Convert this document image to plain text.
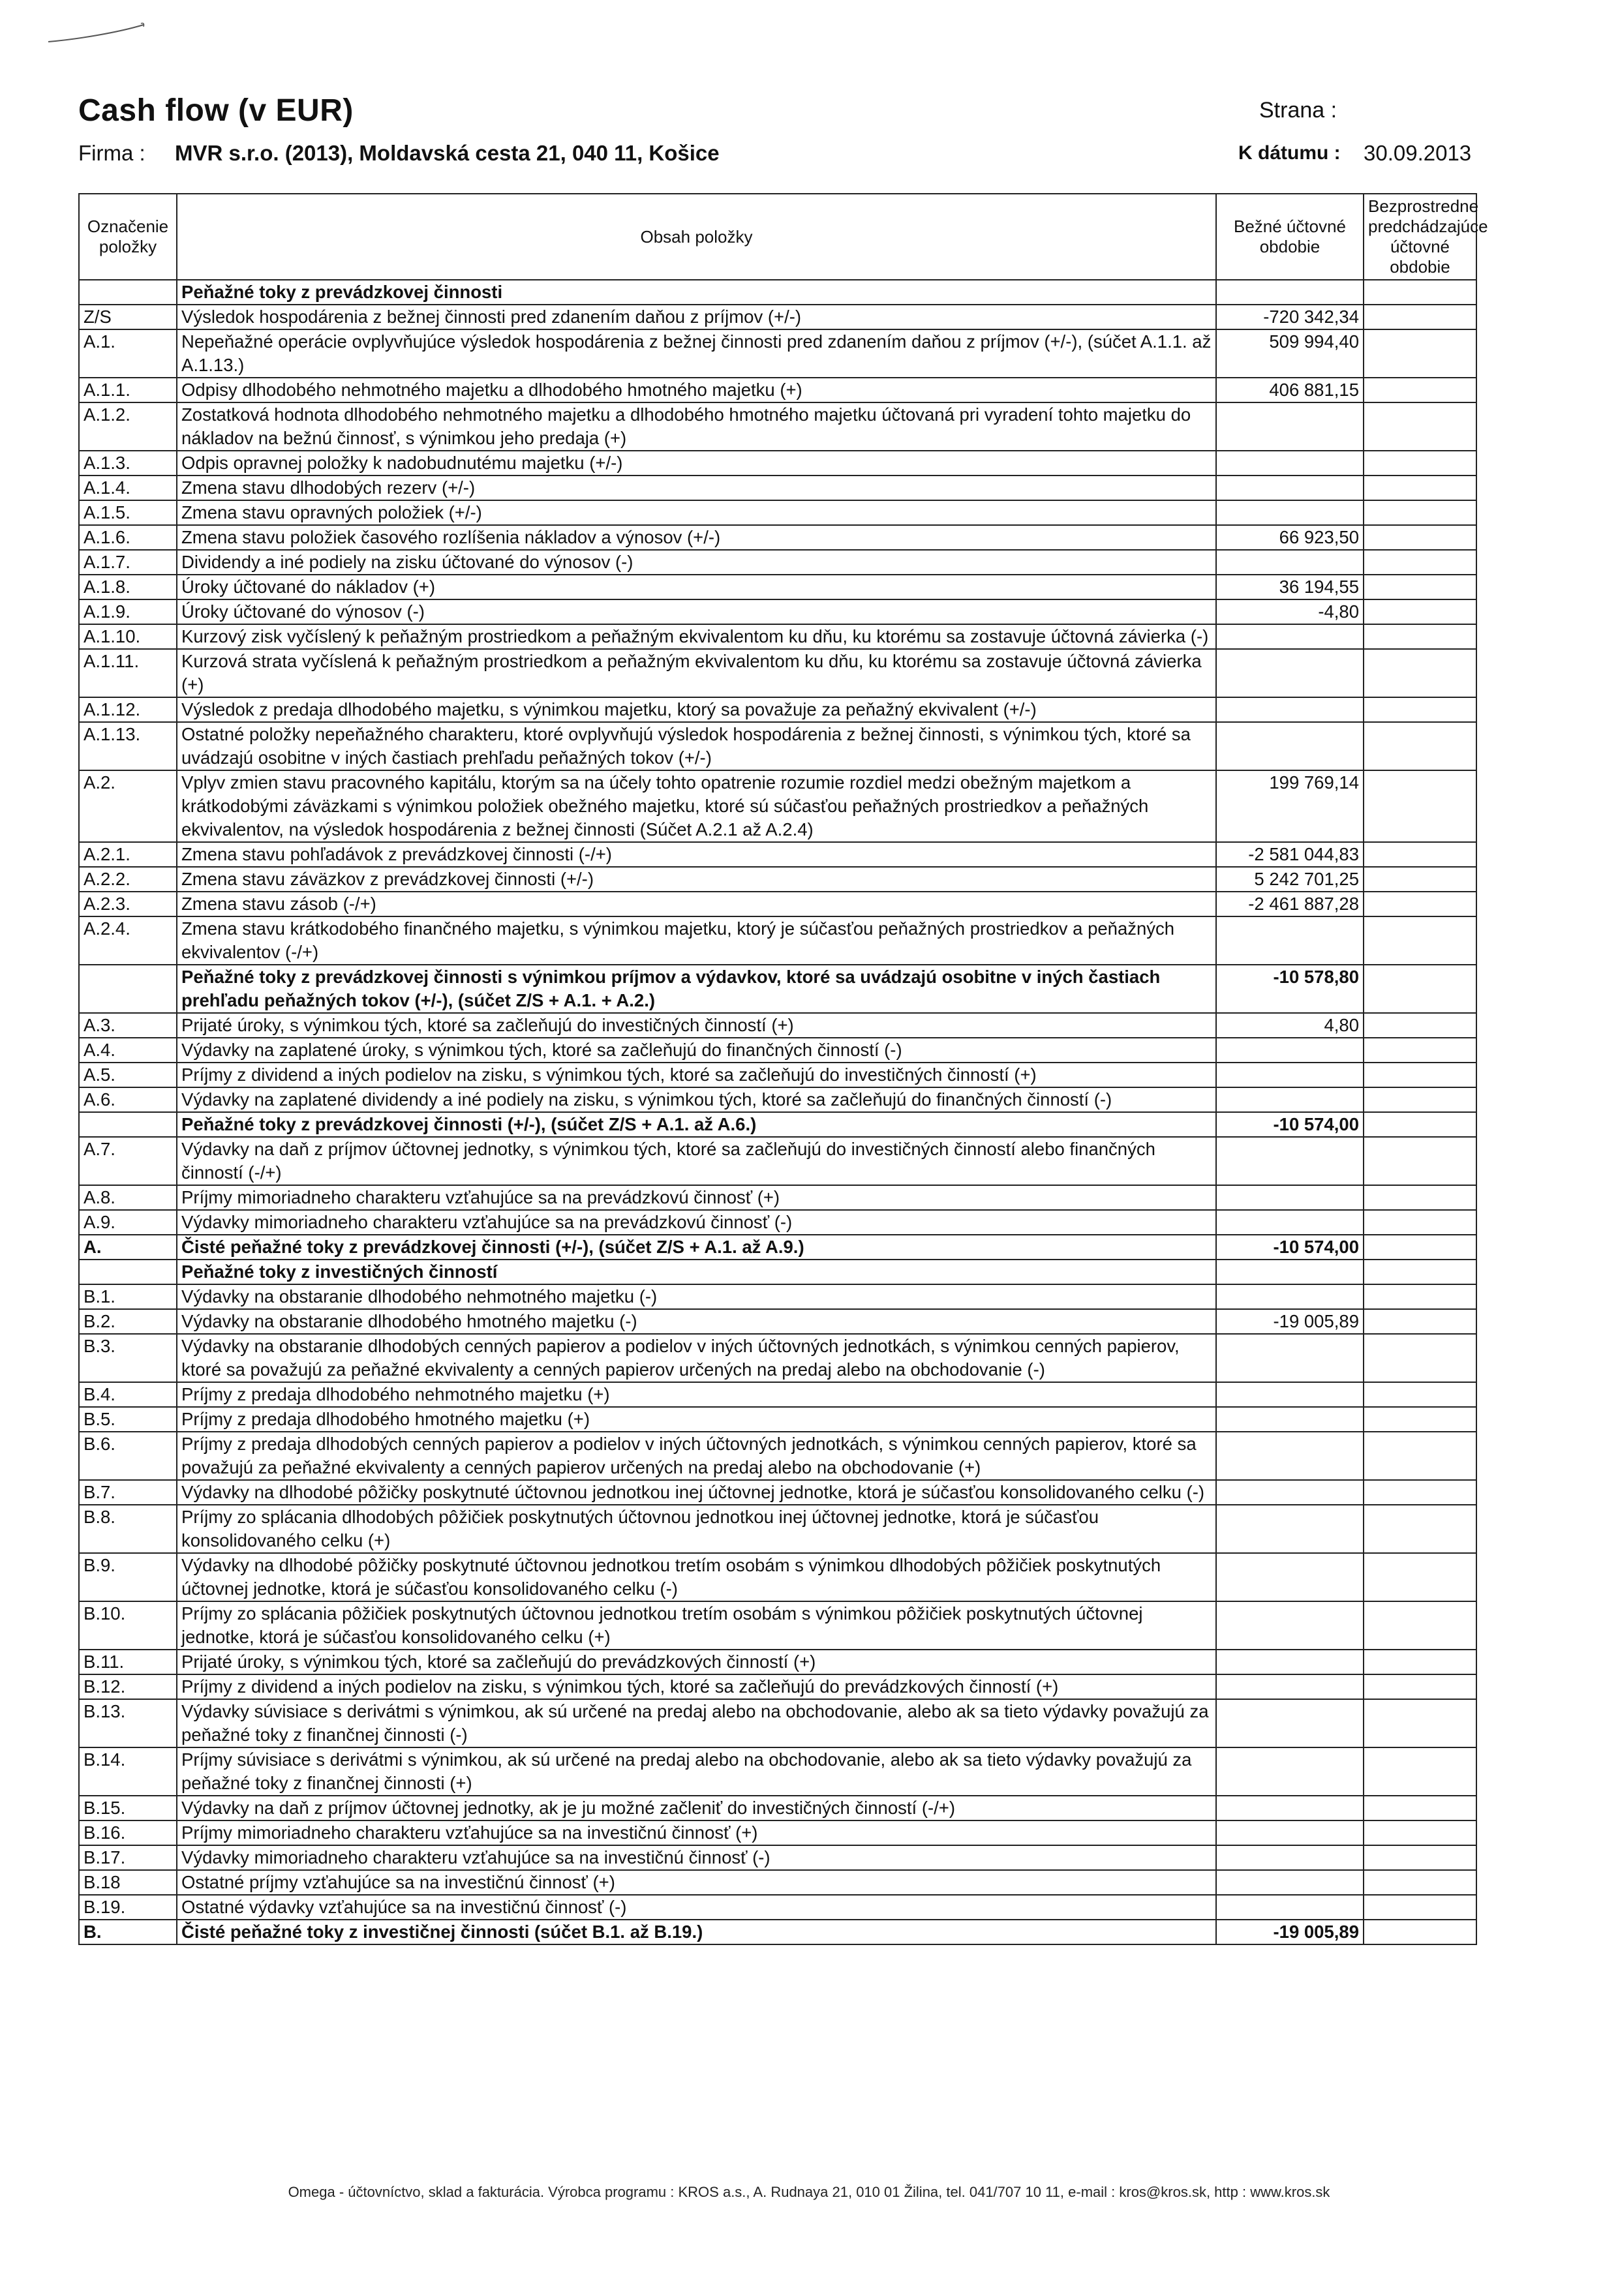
Cash flow (v EUR)	Strana :
Firma : MVR s.r.o. (2013), Moldavská cesta 21, 040 11, Košice	K dátumu : 30.09.2013
Označenie položky	Obsah položky	Bežné účtovné obdobie	Bezprostredne predchádzajúce účtovné obdobie
	Peňažné toky z prevádzkovej činnosti		
Z/S	Výsledok hospodárenia z bežnej činnosti pred zdanením daňou z príjmov (+/-)	-720 342,34	
A.1.	Nepeňažné operácie ovplyvňujúce výsledok hospodárenia z bežnej činnosti pred zdanením daňou z príjmov (+/-), (súčet A.1.1. až A.1.13.)	509 994,40	
A.1.1.	Odpisy dlhodobého nehmotného majetku a dlhodobého hmotného majetku (+)	406 881,15	
A.1.2.	Zostatková hodnota dlhodobého nehmotného majetku a dlhodobého hmotného majetku účtovaná pri vyradení tohto majetku do nákladov na bežnú činnosť, s výnimkou jeho predaja (+)		
A.1.3.	Odpis opravnej položky k nadobudnutému majetku (+/-)		
A.1.4.	Zmena stavu dlhodobých rezerv (+/-)		
A.1.5.	Zmena stavu opravných položiek (+/-)		
A.1.6.	Zmena stavu položiek časového rozlíšenia nákladov a výnosov (+/-)	66 923,50	
A.1.7.	Dividendy a iné podiely na zisku účtované do výnosov (-)		
A.1.8.	Úroky účtované do nákladov (+)	36 194,55	
A.1.9.	Úroky účtované do výnosov (-)	-4,80	
A.1.10.	Kurzový zisk vyčíslený k peňažným prostriedkom a peňažným ekvivalentom ku dňu, ku ktorému sa zostavuje účtovná závierka (-)		
A.1.11.	Kurzová strata vyčíslená k peňažným prostriedkom a peňažným ekvivalentom ku dňu, ku ktorému sa zostavuje účtovná závierka (+)		
A.1.12.	Výsledok z predaja dlhodobého majetku, s výnimkou majetku, ktorý sa považuje za peňažný ekvivalent (+/-)		
A.1.13.	Ostatné položky nepeňažného charakteru, ktoré ovplyvňujú výsledok hospodárenia z bežnej činnosti, s výnimkou tých, ktoré sa uvádzajú osobitne v iných častiach prehľadu peňažných tokov (+/-)		
A.2.	Vplyv zmien stavu pracovného kapitálu, ktorým sa na účely tohto opatrenie rozumie rozdiel medzi obežným majetkom a krátkodobými záväzkami s výnimkou položiek obežného majetku, ktoré sú súčasťou peňažných prostriedkov a peňažných ekvivalentov, na výsledok hospodárenia z bežnej činnosti (Súčet A.2.1 až A.2.4)	199 769,14	
A.2.1.	Zmena stavu pohľadávok z prevádzkovej činnosti (-/+)	-2 581 044,83	
A.2.2.	Zmena stavu záväzkov z prevádzkovej činnosti (+/-)	5 242 701,25	
A.2.3.	Zmena stavu zásob (-/+)	-2 461 887,28	
A.2.4.	Zmena stavu krátkodobého finančného majetku, s výnimkou majetku, ktorý je súčasťou peňažných prostriedkov a peňažných ekvivalentov (-/+)		
	Peňažné toky z prevádzkovej činnosti s výnimkou príjmov a výdavkov, ktoré sa uvádzajú osobitne v iných častiach prehľadu peňažných tokov (+/-), (súčet Z/S + A.1. + A.2.)	-10 578,80	
A.3.	Prijaté úroky, s výnimkou tých, ktoré sa začleňujú do investičných činností (+)	4,80	
A.4.	Výdavky na zaplatené úroky, s výnimkou tých, ktoré sa začleňujú do finančných činností (-)		
A.5.	Príjmy z dividend a iných podielov na zisku, s výnimkou tých, ktoré sa začleňujú do investičných činností (+)		
A.6.	Výdavky na zaplatené dividendy a iné podiely na zisku, s výnimkou tých, ktoré sa začleňujú do finančných činností (-)		
	Peňažné toky z prevádzkovej činnosti (+/-), (súčet Z/S + A.1. až A.6.)	-10 574,00	
A.7.	Výdavky na daň z príjmov účtovnej jednotky, s výnimkou tých, ktoré sa začleňujú do investičných činností alebo finančných činností (-/+)		
A.8.	Príjmy mimoriadneho charakteru vzťahujúce sa na prevádzkovú činnosť (+)		
A.9.	Výdavky mimoriadneho charakteru vzťahujúce sa na prevádzkovú činnosť (-)		
A.	Čisté peňažné toky z prevádzkovej činnosti (+/-), (súčet Z/S + A.1. až A.9.)	-10 574,00	
	Peňažné toky z investičných činností		
B.1.	Výdavky na obstaranie dlhodobého nehmotného majetku (-)		
B.2.	Výdavky na obstaranie dlhodobého hmotného majetku (-)	-19 005,89	
B.3.	Výdavky na obstaranie dlhodobých cenných papierov a podielov v iných účtovných jednotkách, s výnimkou cenných papierov, ktoré sa považujú za peňažné ekvivalenty a cenných papierov určených na predaj alebo na obchodovanie (-)		
B.4.	Príjmy z predaja dlhodobého nehmotného majetku (+)		
B.5.	Príjmy z predaja dlhodobého hmotného majetku (+)		
B.6.	Príjmy z predaja dlhodobých cenných papierov a podielov v iných účtovných jednotkách, s výnimkou cenných papierov, ktoré sa považujú za peňažné ekvivalenty a cenných papierov určených na predaj alebo na obchodovanie (+)		
B.7.	Výdavky na dlhodobé pôžičky poskytnuté účtovnou jednotkou inej účtovnej jednotke, ktorá je súčasťou konsolidovaného celku (-)		
B.8.	Príjmy zo splácania dlhodobých pôžičiek poskytnutých účtovnou jednotkou inej účtovnej jednotke, ktorá je súčasťou konsolidovaného celku (+)		
B.9.	Výdavky na dlhodobé pôžičky poskytnuté účtovnou jednotkou tretím osobám s výnimkou dlhodobých pôžičiek poskytnutých účtovnej jednotke, ktorá je súčasťou konsolidovaného celku (-)		
B.10.	Príjmy zo splácania pôžičiek poskytnutých účtovnou jednotkou tretím osobám s výnimkou pôžičiek poskytnutých účtovnej jednotke, ktorá je súčasťou konsolidovaného celku (+)		
B.11.	Prijaté úroky, s výnimkou tých, ktoré sa začleňujú do prevádzkových činností (+)		
B.12.	Príjmy z dividend a iných podielov na zisku, s výnimkou tých, ktoré sa začleňujú do prevádzkových činností (+)		
B.13.	Výdavky súvisiace s derivátmi s výnimkou, ak sú určené na predaj alebo na obchodovanie, alebo ak sa tieto výdavky považujú za peňažné toky z finančnej činnosti (-)		
B.14.	Príjmy súvisiace s derivátmi s výnimkou, ak sú určené na predaj alebo na obchodovanie, alebo ak sa tieto výdavky považujú za peňažné toky z finančnej činnosti (+)		
B.15.	Výdavky na daň z príjmov účtovnej jednotky, ak je ju možné začleniť do investičných činností (-/+)		
B.16.	Príjmy mimoriadneho charakteru vzťahujúce sa na investičnú činnosť (+)		
B.17.	Výdavky mimoriadneho charakteru vzťahujúce sa na investičnú činnosť (-)		
B.18	Ostatné príjmy vzťahujúce sa na investičnú činnosť (+)		
B.19.	Ostatné výdavky vzťahujúce sa na investičnú činnosť (-)		
B.	Čisté peňažné toky z investičnej činnosti (súčet B.1. až B.19.)	-19 005,89	
Omega - účtovníctvo, sklad a fakturácia. Výrobca programu : KROS a.s., A. Rudnaya 21, 010 01 Žilina, tel. 041/707 10 11, e-mail : kros@kros.sk, http : www.kros.sk
